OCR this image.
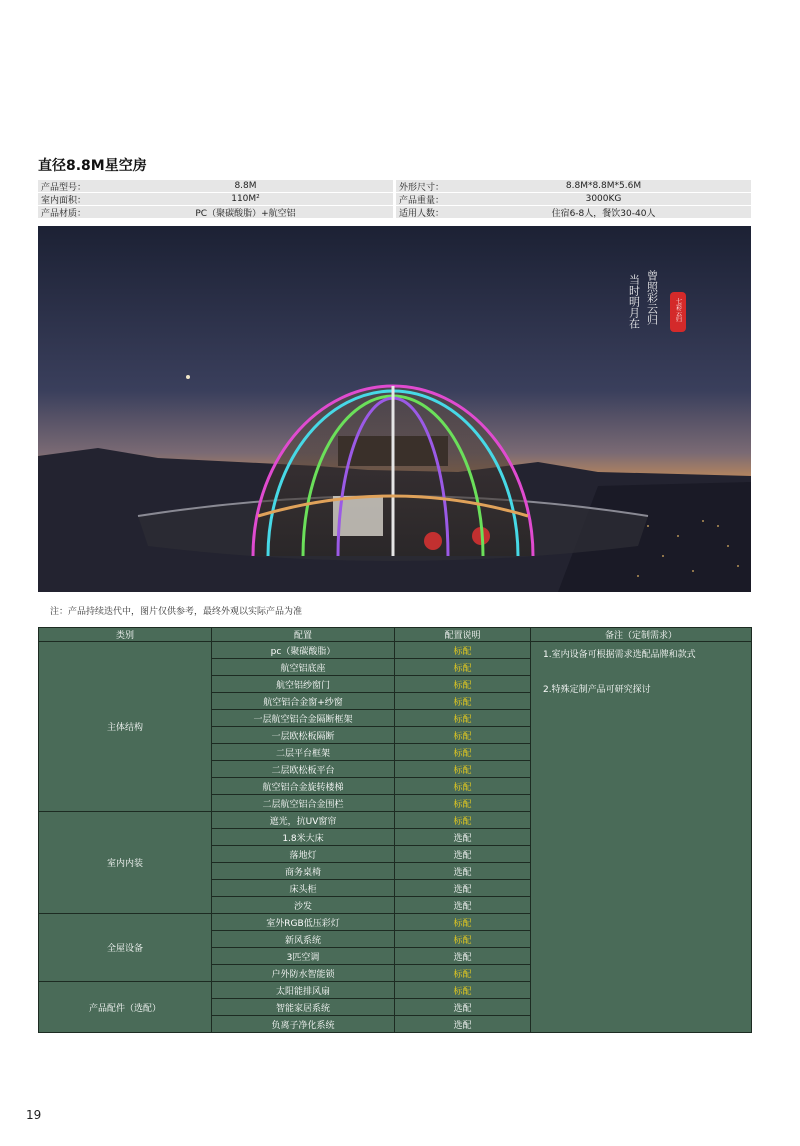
直径8.8M星空房
产品型号：	8.8M	外形尺寸：	8.8M*8.8M*5.6M
室内面积：	110M²	产品重量：	3000KG
产品材质：	PC（聚碳酸脂）+航空铝	适用人数：	住宿6-8人，餐饮30-40人
当时明月在 曾照彩云归	七彩云归
注：产品持续迭代中，图片仅供参考，最终外观以实际产品为准
类别	配置	配置说明	备注（定制需求）
主体结构	pc（聚碳酸脂）	标配	1.室内设备可根据需求选配品牌和款式
2.特殊定制产品可研究探讨

	航空铝底座	标配	
	航空铝纱窗门	标配	
	航空铝合金窗+纱窗	标配	
	一层航空铝合金隔断框架	标配	
	一层欧松板隔断	标配	
	二层平台框架	标配	
	二层欧松板平台	标配	
	航空铝合金旋转楼梯	标配	
	二层航空铝合金围栏	标配	
室内内装	遮光，抗UV窗帘	标配	
	1.8米大床	选配	
	落地灯	选配	
	商务桌椅	选配	
	床头柜	选配	
	沙发	选配	
全屋设备	室外RGB低压彩灯	标配	
	新风系统	标配	
	3匹空调	选配	
	户外防水智能锁	标配	
产品配件（选配）	太阳能排风扇	标配	
	智能家居系统	选配	
	负离子净化系统	选配	
19
